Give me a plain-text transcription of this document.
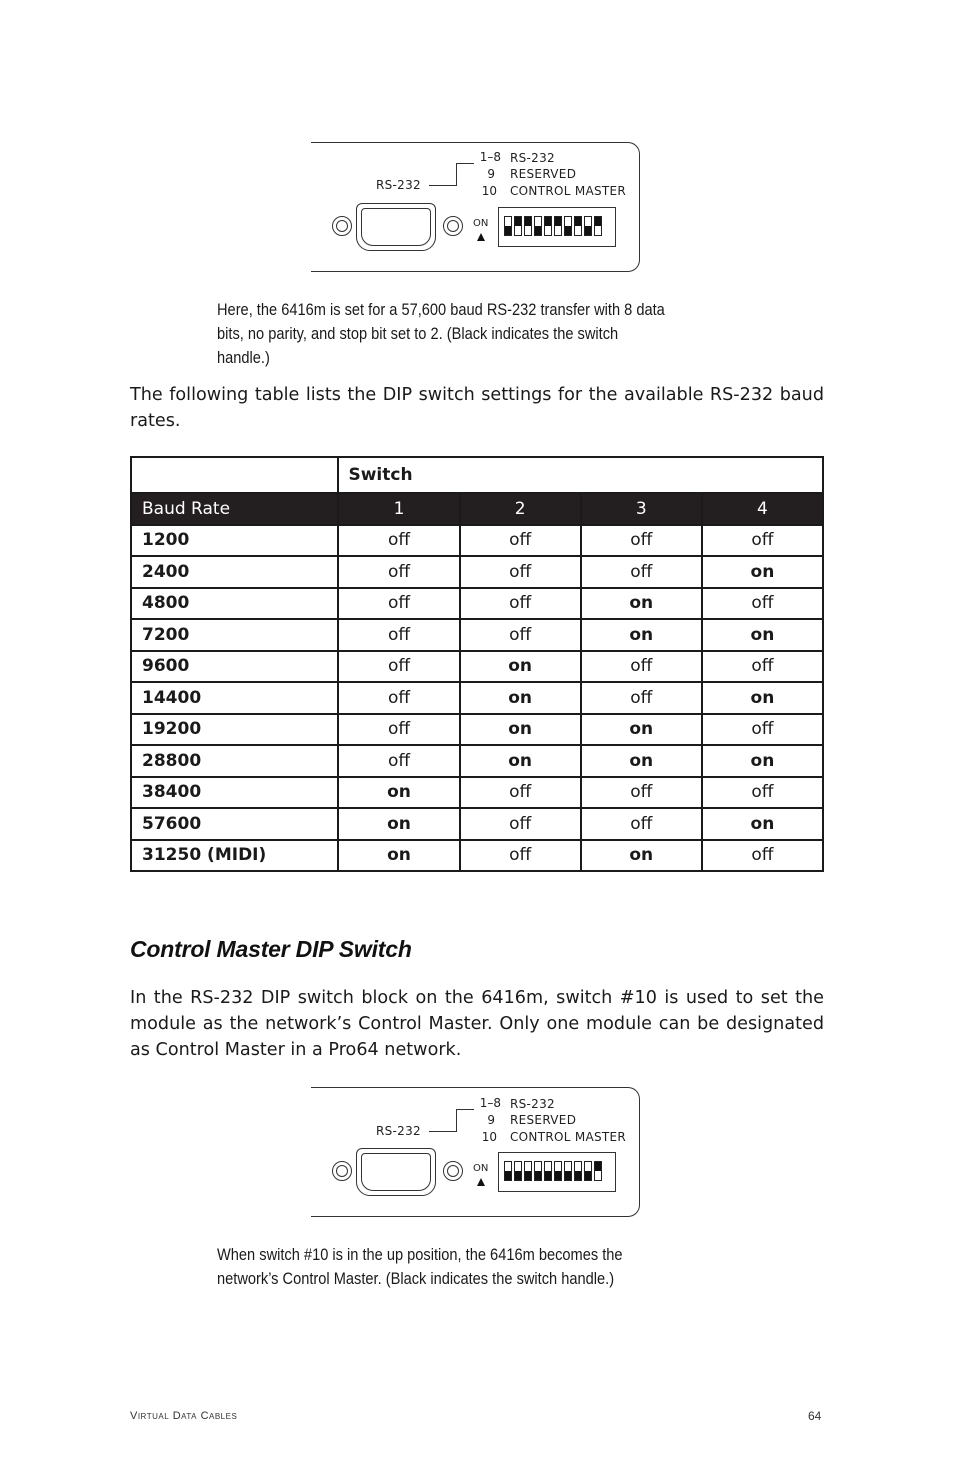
RS-232
1–8 RS-232
9 RESERVED
10 CONTROL MASTER
ON
Here, the 6416m is set for a 57,600 baud RS-232 transfer with 8 data bits, no parity, and stop bit set to 2. (Black indicates the switch handle.)
The following table lists the DIP switch settings for the available RS-232 baud rates.
	Switch			
Baud Rate	1	2	3	4
1200	off	off	off	off
2400	off	off	off	on
4800	off	off	on	off
7200	off	off	on	on
9600	off	on	off	off
14400	off	on	off	on
19200	off	on	on	off
28800	off	on	on	on
38400	on	off	off	off
57600	on	off	off	on
31250 (MIDI)	on	off	on	off
Control Master DIP Switch
In the RS-232 DIP switch block on the 6416m, switch #10 is used to set the module as the network’s Control Master. Only one module can be designated as Control Master in a Pro64 network.
RS-232
1–8 RS-232
9 RESERVED
10 CONTROL MASTER
ON
When switch #10 is in the up position, the 6416m becomes the network’s Control Master. (Black indicates the switch handle.)
Virtual Data Cables	64
